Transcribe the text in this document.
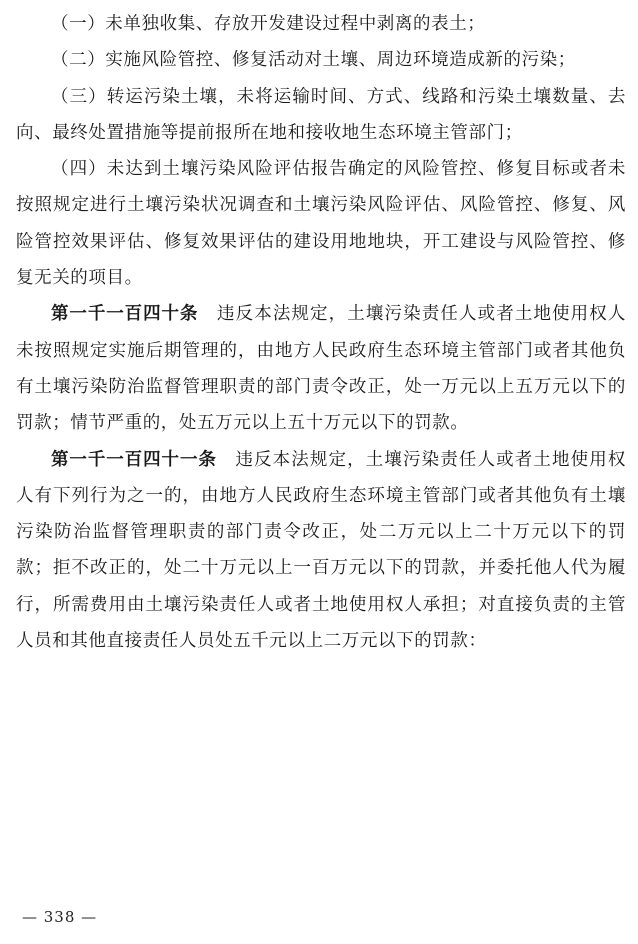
（一）未单独收集、存放开发建设过程中剥离的表土；

（二）实施风险管控、修复活动对土壤、周边环境造成新的污染；

（三）转运污染土壤，未将运输时间、方式、线路和污染土壤数量、去向、最终处置措施等提前报所在地和接收地生态环境主管部门；

（四）未达到土壤污染风险评估报告确定的风险管控、修复目标或者未按照规定进行土壤污染状况调查和土壤污染风险评估、风险管控、修复、风险管控效果评估、修复效果评估的建设用地地块，开工建设与风险管控、修复无关的项目。

第一千一百四十条　 违反本法规定，土壤污染责任人或者土地使用权人未按照规定实施后期管理的，由地方人民政府生态环境主管部门或者其他负有土壤污染防治监督管理职责的部门责令改正，处一万元以上五万元以下的罚款；情节严重的，处五万元以上五十万元以下的罚款。

第一千一百四十一条　 违反本法规定，土壤污染责任人或者土地使用权人有下列行为之一的，由地方人民政府生态环境主管部门或者其他负有土壤污染防治监督管理职责的部门责令改正，处二万元以上二十万元以下的罚款；拒不改正的，处二十万元以上一百万元以下的罚款，并委托他人代为履行，所需费用由土壤污染责任人或者土地使用权人承担；对直接负责的主管人员和其他直接责任人员处五千元以上二万元以下的罚款：

— 338 —
